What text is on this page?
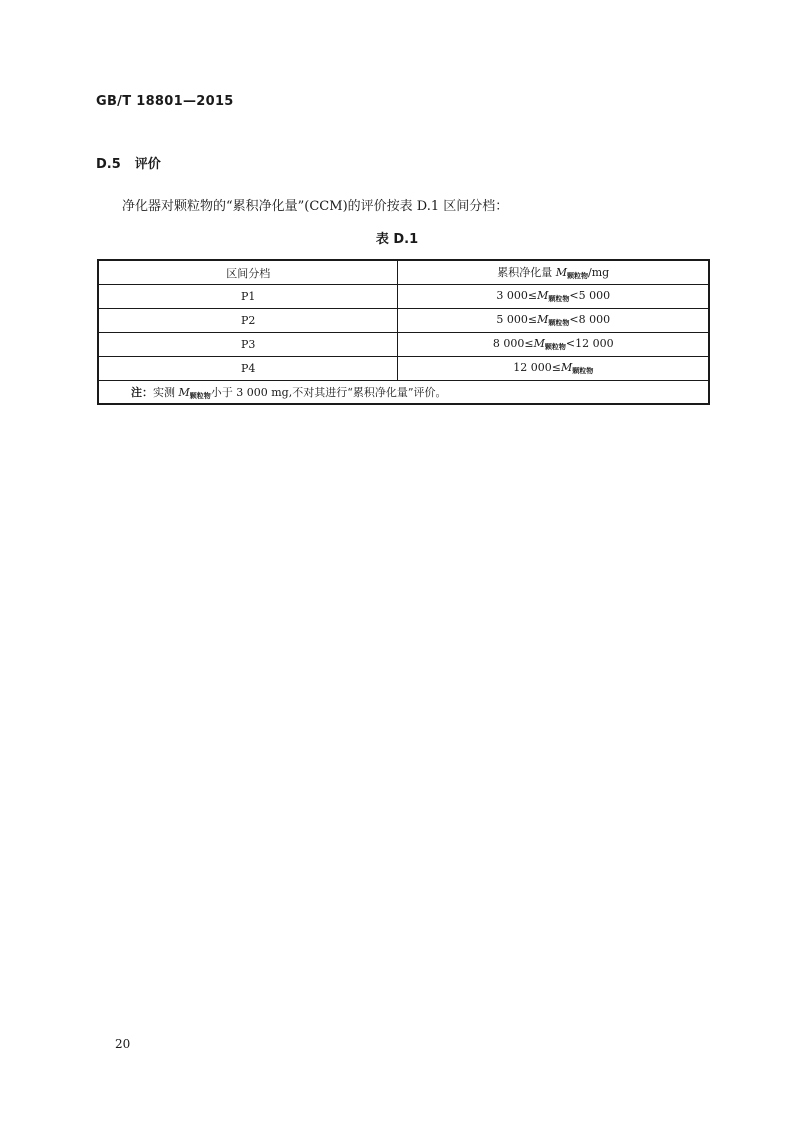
GB/T 18801—2015
D.5 评价
净化器对颗粒物的“累积净化量”(CCM)的评价按表 D.1 区间分档：
表 D.1
区间分档	累积净化量 $M_{颗粒物}/mg$
P1	3 $000\le M_{颗粒物}<5$ 000
P2	5 $000\le M_{颗粒物}<8$ 000
P3	8 $000\le M_{颗粒物}<12$ 000
P4	12 $000\le M_{颗粒物}$
注：实测 $M_{颗粒物}$小于 3 000 mg,不对其进行“累积净化量”评价。	
20
